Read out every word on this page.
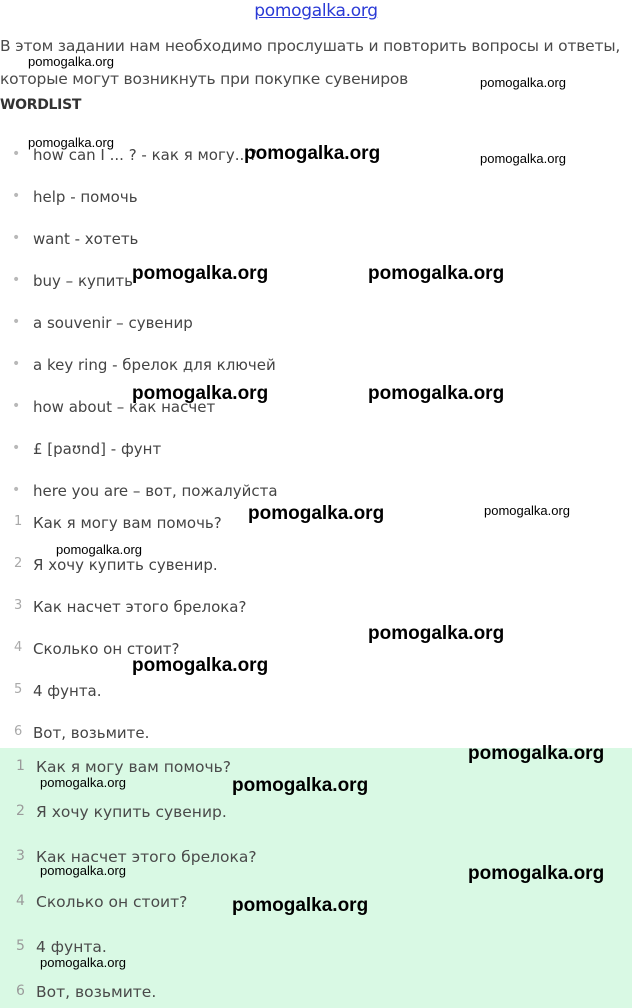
pomogalka.org
В этом задании нам необходимо прослушать и повторить вопросы и ответы, которые могут возникнуть при покупке сувениров
WORDLIST
• how can I ... ? - как я могу...?
• help - помочь
• want - хотеть
• buy – купить
• a souvenir – сувенир
• a key ring - брелок для ключей
• how about – как насчет
• £ [paʊnd] - фунт
• here you are – вот, пожалуйста
1 Как я могу вам помочь?
2 Я хочу купить сувенир.
3 Как насчет этого брелока?
4 Сколько он стоит?
5 4 фунта.
6 Вот, возьмите.
1 Как я могу вам помочь?
2 Я хочу купить сувенир.
3 Как насчет этого брелока?
4 Сколько он стоит?
5 4 фунта.
6 Вот, возьмите.
pomogalka.org
pomogalka.org
pomogalka.org
pomogalka.org	pomogalka.org
pomogalka.org	pomogalka.org
pomogalka.org	pomogalka.org
pomogalka.org	pomogalka.org
pomogalka.org
pomogalka.org
pomogalka.org
pomogalka.org
pomogalka.org
pomogalka.org
pomogalka.org	pomogalka.org
pomogalka.org
pomogalka.org
